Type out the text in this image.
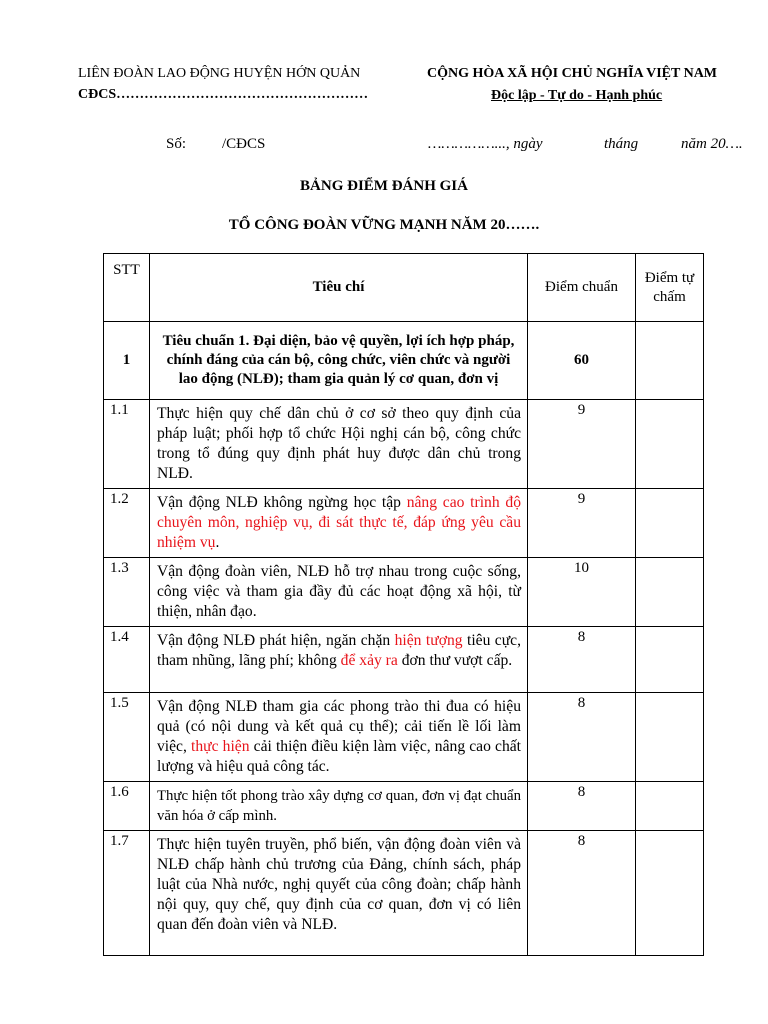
LIÊN ĐOÀN LAO ĐỘNG HUYỆN HỚN QUẢN
CĐCS………………………………………………
CỘNG HÒA XÃ HỘI CHỦ NGHĨA VIỆT NAM
Độc lập - Tự do - Hạnh phúc
Số: /CĐCS	……………..., ngày	tháng	năm 20….
BẢNG ĐIỂM ĐÁNH GIÁ
TỔ CÔNG ĐOÀN VỮNG MẠNH NĂM 20…….
STT	Tiêu chí	Điểm chuẩn	Điểm tự chấm
1	Tiêu chuẩn 1. Đại diện, bảo vệ quyền, lợi ích hợp pháp, chính đáng của cán bộ, công chức, viên chức và người lao động (NLĐ); tham gia quản lý cơ quan, đơn vị	60	
1.1	Thực hiện quy chế dân chủ ở cơ sở theo quy định của pháp luật; phối hợp tổ chức Hội nghị cán bộ, công chức trong tổ đúng quy định phát huy được dân chủ trong NLĐ.	9	
1.2	Vận động NLĐ không ngừng học tập nâng cao trình độ chuyên môn, nghiệp vụ, đi sát thực tế, đáp ứng yêu cầu nhiệm vụ.	9	
1.3	Vận động đoàn viên, NLĐ hỗ trợ nhau trong cuộc sống, công việc và tham gia đầy đủ các hoạt động xã hội, từ thiện, nhân đạo.	10	
1.4	Vận động NLĐ phát hiện, ngăn chặn hiện tượng tiêu cực, tham nhũng, lãng phí; không để xảy ra đơn thư vượt cấp.	8	
1.5	Vận động NLĐ tham gia các phong trào thi đua có hiệu quả (có nội dung và kết quả cụ thể); cải tiến lề lối làm việc, thực hiện cải thiện điều kiện làm việc, nâng cao chất lượng và hiệu quả công tác.	8	
1.6	Thực hiện tốt phong trào xây dựng cơ quan, đơn vị đạt chuẩn văn hóa ở cấp mình.	8	
1.7	Thực hiện tuyên truyền, phổ biến, vận động đoàn viên và NLĐ chấp hành chủ trương của Đảng, chính sách, pháp luật của Nhà nước, nghị quyết của công đoàn; chấp hành nội quy, quy chế, quy định của cơ quan, đơn vị có liên quan đến đoàn viên và NLĐ.	8	
